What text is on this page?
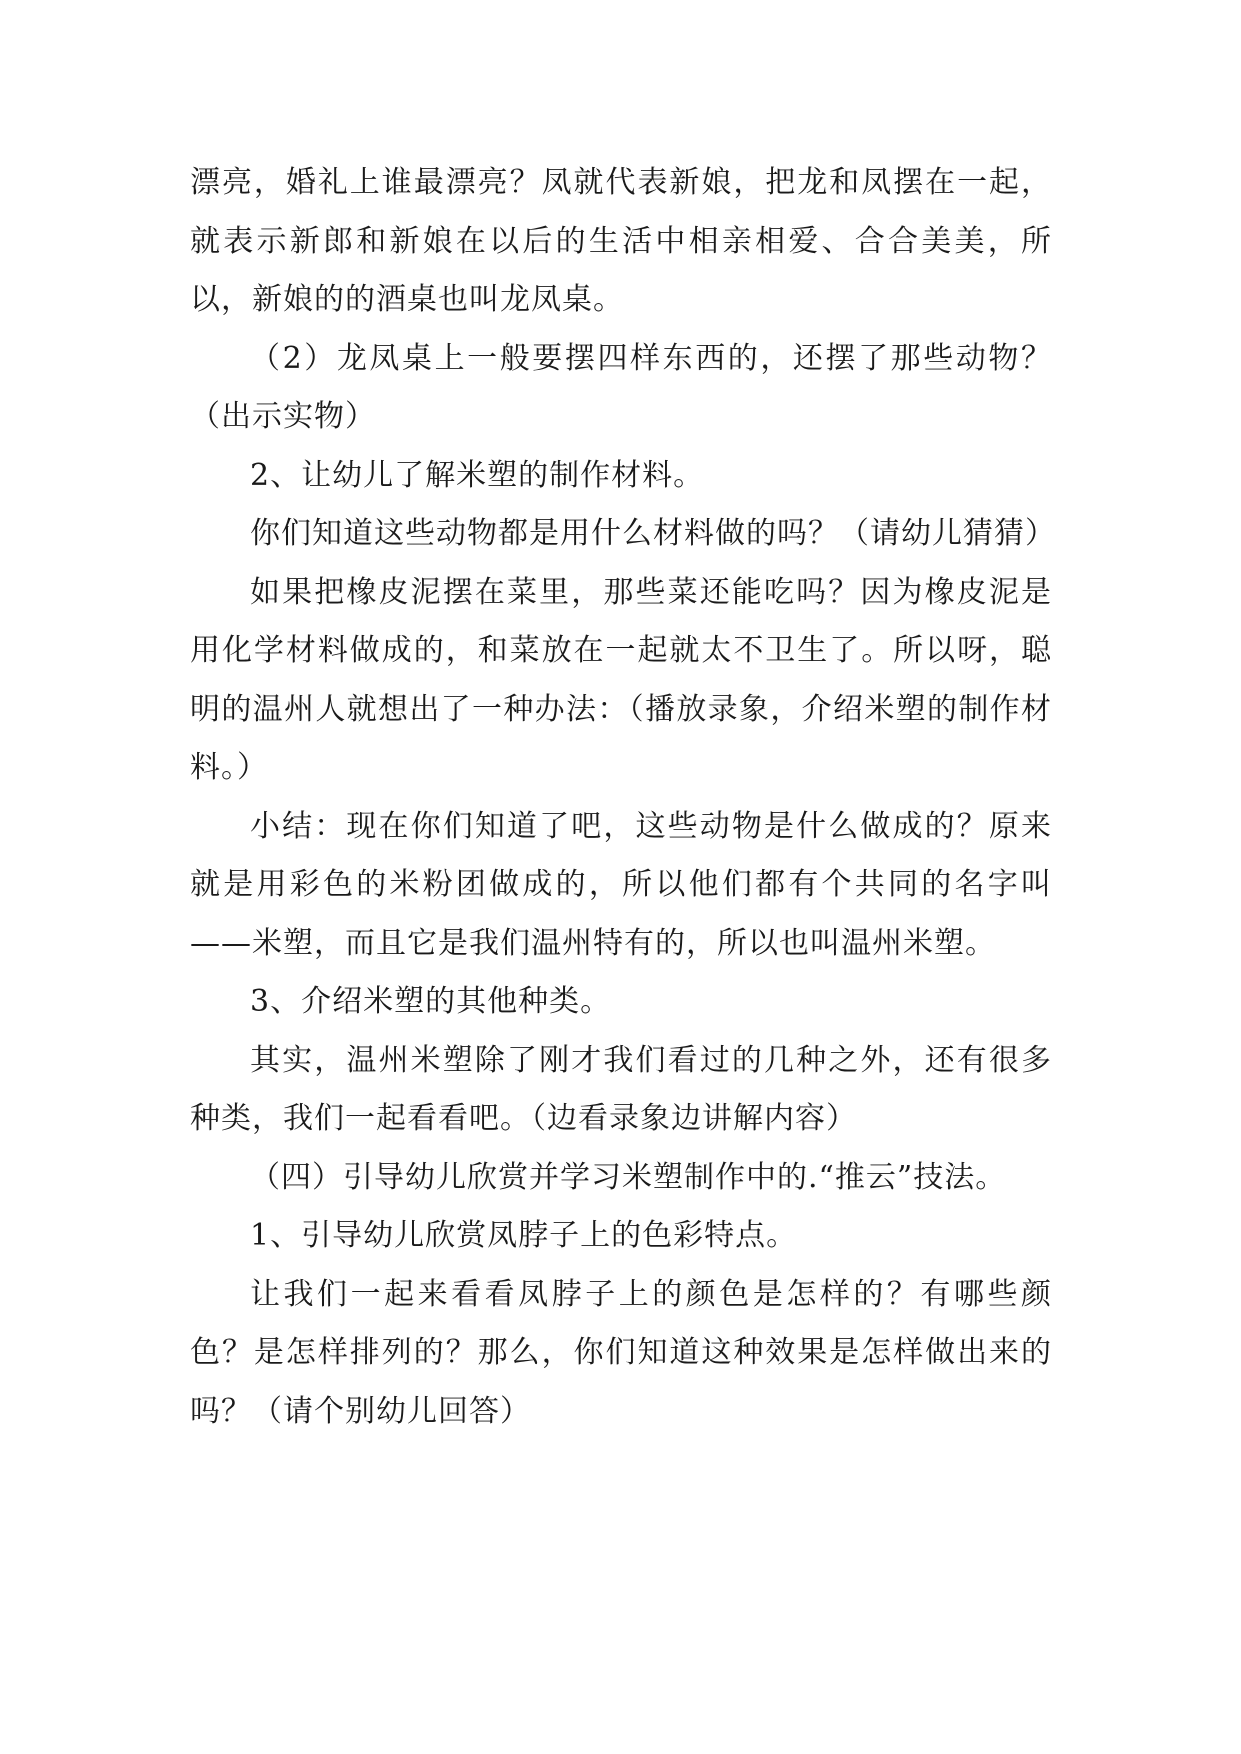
漂亮，婚礼上谁最漂亮？凤就代表新娘，把龙和凤摆在一起，就表示新郎和新娘在以后的生活中相亲相爱、合合美美，所以，新娘的的酒桌也叫龙凤桌。

（2）龙凤桌上一般要摆四样东西的，还摆了那些动物？（出示实物）

2、让幼儿了解米塑的制作材料。

你们知道这些动物都是用什么材料做的吗？（请幼儿猜猜）

如果把橡皮泥摆在菜里，那些菜还能吃吗？因为橡皮泥是用化学材料做成的，和菜放在一起就太不卫生了。所以呀，聪明的温州人就想出了一种办法：（播放录象，介绍米塑的制作材料。）

小结：现在你们知道了吧，这些动物是什么做成的？原来就是用彩色的米粉团做成的，所以他们都有个共同的名字叫——米塑，而且它是我们温州特有的，所以也叫温州米塑。

3、介绍米塑的其他种类。

其实，温州米塑除了刚才我们看过的几种之外，还有很多种类，我们一起看看吧。（边看录象边讲解内容）

（四）引导幼儿欣赏并学习米塑制作中的.“推云”技法。

1、引导幼儿欣赏凤脖子上的色彩特点。

让我们一起来看看凤脖子上的颜色是怎样的？有哪些颜色？是怎样排列的？那么，你们知道这种效果是怎样做出来的吗？（请个别幼儿回答）
